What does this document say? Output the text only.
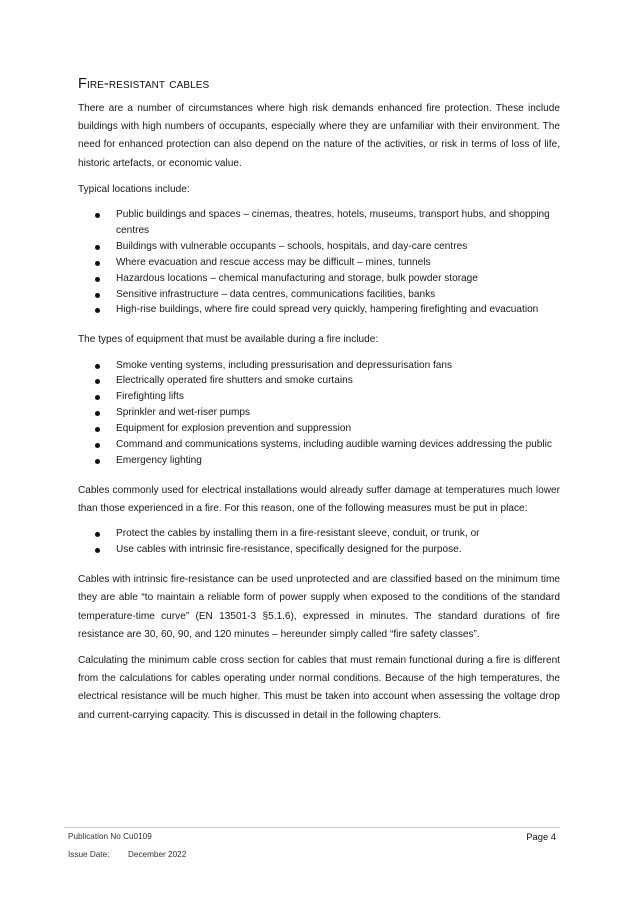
Fire-resistant cables

There are a number of circumstances where high risk demands enhanced fire protection. These include buildings with high numbers of occupants, especially where they are unfamiliar with their environment. The need for enhanced protection can also depend on the nature of the activities, or risk in terms of loss of life, historic artefacts, or economic value.

Typical locations include:

Public buildings and spaces – cinemas, theatres, hotels, museums, transport hubs, and shopping centres
Buildings with vulnerable occupants – schools, hospitals, and day-care centres
Where evacuation and rescue access may be difficult – mines, tunnels
Hazardous locations – chemical manufacturing and storage, bulk powder storage
Sensitive infrastructure – data centres, communications facilities, banks
High-rise buildings, where fire could spread very quickly, hampering firefighting and evacuation

The types of equipment that must be available during a fire include:

Smoke venting systems, including pressurisation and depressurisation fans
Electrically operated fire shutters and smoke curtains
Firefighting lifts
Sprinkler and wet-riser pumps
Equipment for explosion prevention and suppression
Command and communications systems, including audible warning devices addressing the public
Emergency lighting

Cables commonly used for electrical installations would already suffer damage at temperatures much lower than those experienced in a fire. For this reason, one of the following measures must be put in place:

Protect the cables by installing them in a fire-resistant sleeve, conduit, or trunk, or
Use cables with intrinsic fire-resistance, specifically designed for the purpose.

Cables with intrinsic fire-resistance can be used unprotected and are classified based on the minimum time they are able “to maintain a reliable form of power supply when exposed to the conditions of the standard temperature-time curve” (EN 13501-3 §5.1.6), expressed in minutes. The standard durations of fire resistance are 30, 60, 90, and 120 minutes – hereunder simply called “fire safety classes”.

Calculating the minimum cable cross section for cables that must remain functional during a fire is different from the calculations for cables operating under normal conditions. Because of the high temperatures, the electrical resistance will be much higher. This must be taken into account when assessing the voltage drop and current-carrying capacity. This is discussed in detail in the following chapters.

Publication No Cu0109	Page 4
Issue Date: December 2022
